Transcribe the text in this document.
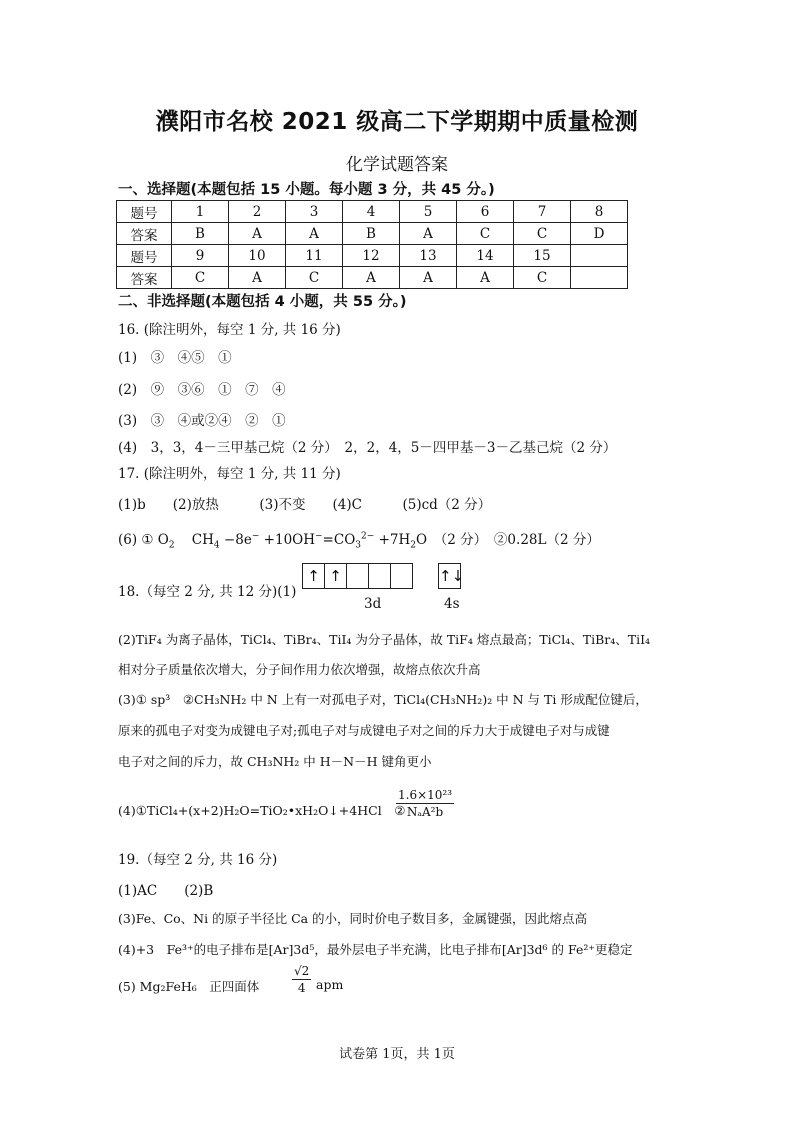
濮阳市名校 2021 级高二下学期期中质量检测
化学试题答案
一、选择题(本题包括 15 小题。每小题 3 分，共 45 分。)
题号	1	2	3	4	5	6	7	8
答案	B	A	A	B	A	C	C	D
题号	9	10	11	12	13	14	15	
答案	C	A	C	A	A	A	C	
二、非选择题(本题包括 4 小题，共 55 分。)
16. (除注明外，每空 1 分, 共 16 分)
(1)　③　④⑤　①
(2)　⑨　③⑥　①　⑦　④
(3)　③　④或②④　②　①
(4)　3，3，4－三甲基己烷（2 分）　2，2，4，5－四甲基－3－乙基己烷（2 分）
17. (除注明外，每空 1 分, 共 11 分)
(1)b　　(2)放热　　　(3)不变　　(4)C　　　(5)cd（2 分）
(6) ① $O_2$ $CH_4 -8e^- +10OH^-=CO_3^{2-} +7H_2O$　（2 分）　②0.28L（2 分）
18.（每空 2 分, 共 12 分)(1)
↑ ↑	↑↓
3d	4s
(2)TiF₄ 为离子晶体，TiCl₄、TiBr₄、TiI₄ 为分子晶体，故 TiF₄ 熔点最高；TiCl₄、TiBr₄、TiI₄
相对分子质量依次增大，分子间作用力依次增强，故熔点依次升高
(3)① sp³　②CH₃NH₂ 中 N 上有一对孤电子对，TiCl₄(CH₃NH₂)₂ 中 N 与 Ti 形成配位键后，
原来的孤电子对变为成键电子对;孤电子对与成键电子对之间的斥力大于成键电子对与成键
电子对之间的斥力，故 CH₃NH₂ 中 H－N－H 键角更小
(4)①TiCl₄+(x+2)H₂O=TiO₂•xH₂O↓+4HCl　②
1.6×10²³
NₐA²b
19.（每空 2 分, 共 16 分)
(1)AC　　(2)B
(3)Fe、Co、Ni 的原子半径比 Ca 的小，同时价电子数目多，金属键强，因此熔点高
(4)+3　Fe³⁺的电子排布是[Ar]3d⁵，最外层电子半充满，比电子排布[Ar]3d⁶ 的 Fe²⁺更稳定
(5) Mg₂FeH₆　正四面体	$\frac{√2}{4}$ apm
试卷第 1页，共 1页
